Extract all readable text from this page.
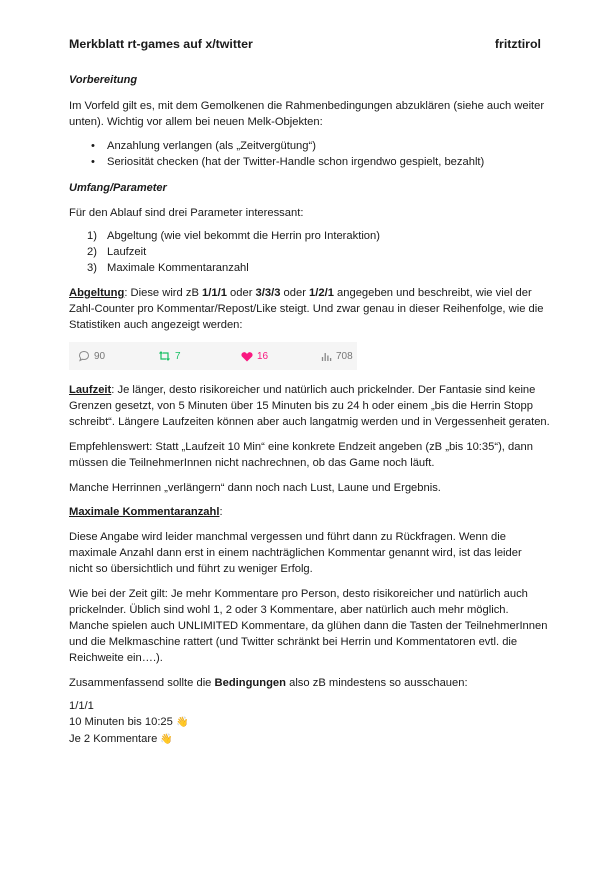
Merkblatt rt-games auf x/twitter	fritztirol
Vorbereitung
Im Vorfeld gilt es, mit dem Gemolkenen die Rahmenbedingungen abzuklären (siehe auch weiter
unten). Wichtig vor allem bei neuen Melk-Objekten:
• Anzahlung verlangen (als „Zeitvergütung“)
• Seriosität checken (hat der Twitter-Handle schon irgendwo gespielt, bezahlt)
Umfang/Parameter
Für den Ablauf sind drei Parameter interessant:
1) Abgeltung (wie viel bekommt die Herrin pro Interaktion)
2) Laufzeit
3) Maximale Kommentaranzahl
Abgeltung: Diese wird zB 1/1/1 oder 3/3/3 oder 1/2/1 angegeben und beschreibt, wie viel der
Zahl-Counter pro Kommentar/Repost/Like steigt. Und zwar genau in dieser Reihenfolge, wie die
Statistiken auch angezeigt werden:
90	7	16	708
Laufzeit: Je länger, desto risikoreicher und natürlich auch prickelnder. Der Fantasie sind keine
Grenzen gesetzt, von 5 Minuten über 15 Minuten bis zu 24 h oder einem „bis die Herrin Stopp
schreibt“. Längere Laufzeiten können aber auch langatmig werden und in Vergessenheit geraten.
Empfehlenswert: Statt „Laufzeit 10 Min“ eine konkrete Endzeit angeben (zB „bis 10:35“), dann
müssen die TeilnehmerInnen nicht nachrechnen, ob das Game noch läuft.
Manche Herrinnen „verlängern“ dann noch nach Lust, Laune und Ergebnis.
Maximale Kommentaranzahl:
Diese Angabe wird leider manchmal vergessen und führt dann zu Rückfragen. Wenn die
maximale Anzahl dann erst in einem nachträglichen Kommentar genannt wird, ist das leider
nicht so übersichtlich und führt zu weniger Erfolg.
Wie bei der Zeit gilt: Je mehr Kommentare pro Person, desto risikoreicher und natürlich auch
prickelnder. Üblich sind wohl 1, 2 oder 3 Kommentare, aber natürlich auch mehr möglich.
Manche spielen auch UNLIMITED Kommentare, da glühen dann die Tasten der TeilnehmerInnen
und die Melkmaschine rattert (und Twitter schränkt bei Herrin und Kommentatoren evtl. die
Reichweite ein….).
Zusammenfassend sollte die Bedingungen also zB mindestens so ausschauen:
1/1/1
10 Minuten bis 10:25 👋
Je 2 Kommentare 👋
